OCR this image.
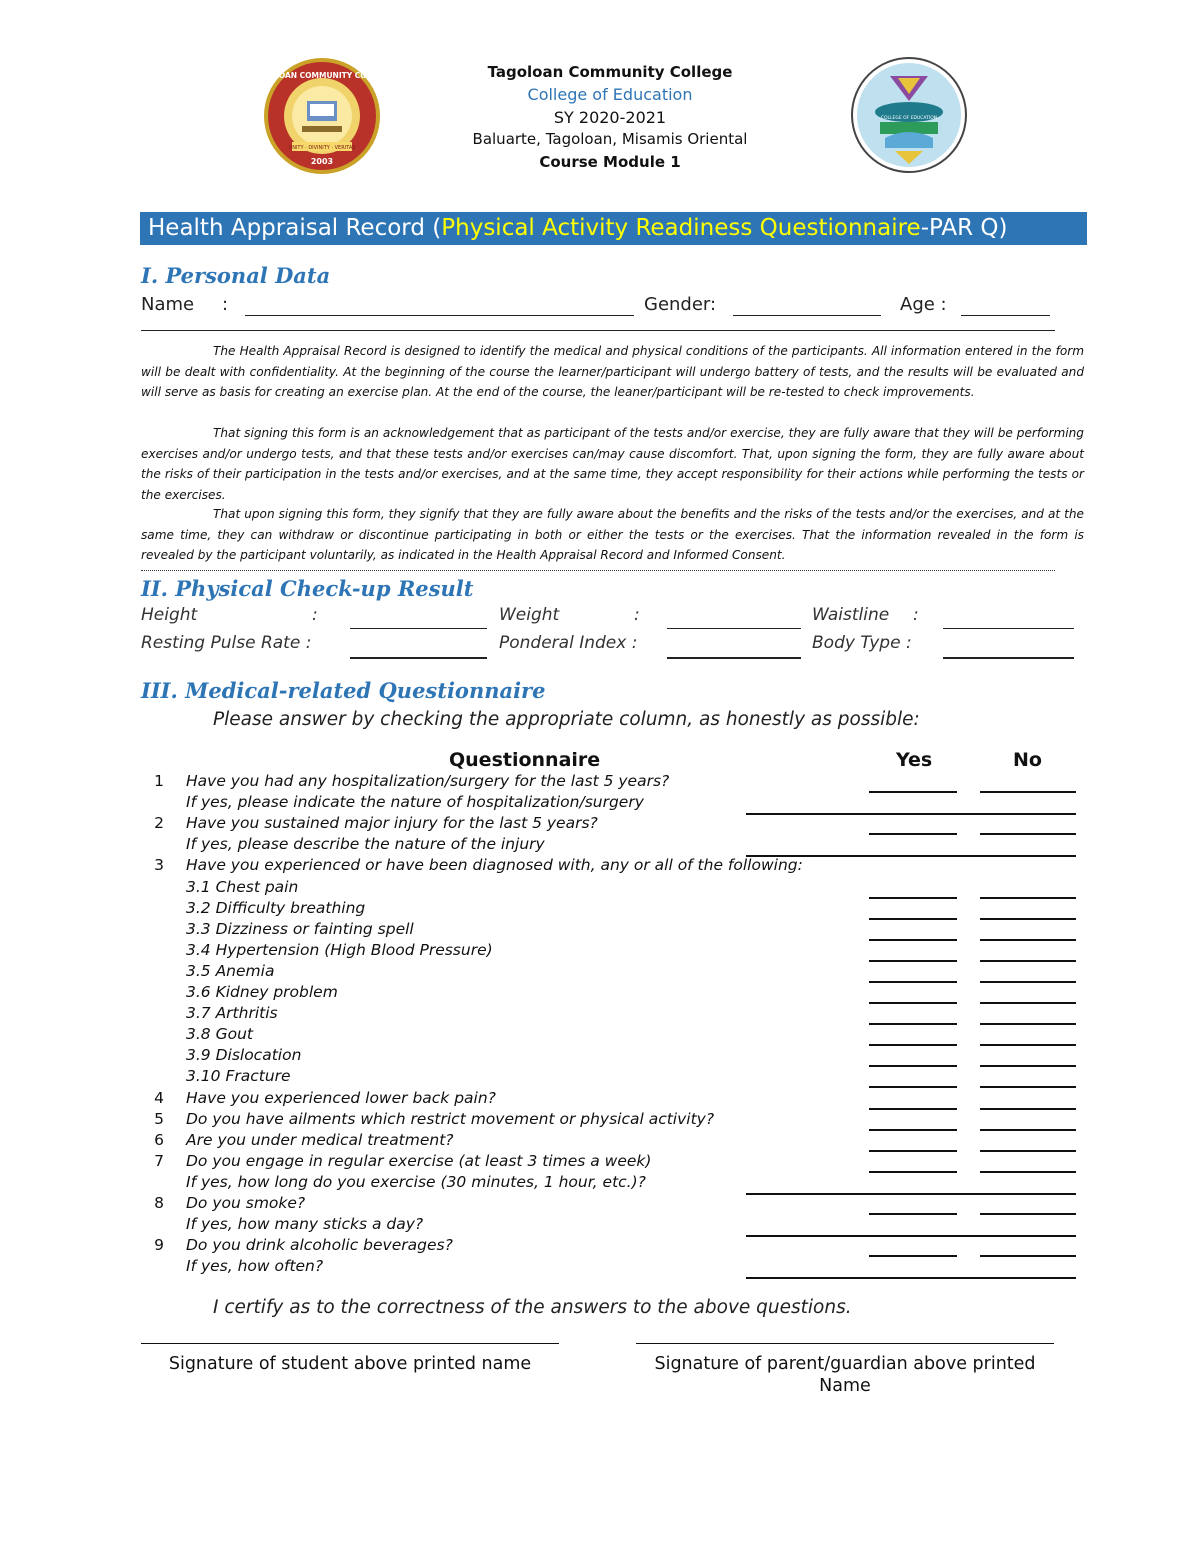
TAGOLOAN COMMUNITY COLLEGE
UNITY · DIVINITY · VERITAS
2003
COLLEGE OF EDUCATION
Tagoloan Community College
College of Education
SY 2020-2021
Baluarte, Tagoloan, Misamis Oriental
Course Module 1
Health Appraisal Record (Physical Activity Readiness Questionnaire-PAR Q)
I. Personal Data
Name :	Gender:	Age :
The Health Appraisal Record is designed to identify the medical and physical conditions of the participants. All information entered in the form will be dealt with confidentiality. At the beginning of the course the learner/participant will undergo battery of tests, and the results will be evaluated and will serve as basis for creating an exercise plan. At the end of the course, the leaner/participant will be re-tested to check improvements.
That signing this form is an acknowledgement that as participant of the tests and/or exercise, they are fully aware that they will be performing exercises and/or undergo tests, and that these tests and/or exercises can/may cause discomfort. That, upon signing the form, they are fully aware about the risks of their participation in the tests and/or exercises, and at the same time, they accept responsibility for their actions while performing the tests or the exercises.
That upon signing this form, they signify that they are fully aware about the benefits and the risks of the tests and/or the exercises, and at the same time, they can withdraw or discontinue participating in both or either the tests or the exercises. That the information revealed in the form is revealed by the participant voluntarily, as indicated in the Health Appraisal Record and Informed Consent.
II. Physical Check-up Result
Height	:	Weight	:	Waistline :
Resting Pulse Rate :	Ponderal Index :	Body Type :
III. Medical-related Questionnaire
Please answer by checking the appropriate column, as honestly as possible:
Questionnaire	Yes	No
1 Have you had any hospitalization/surgery for the last 5 years?
If yes, please indicate the nature of hospitalization/surgery
2 Have you sustained major injury for the last 5 years?
If yes, please describe the nature of the injury
3 Have you experienced or have been diagnosed with, any or all of the following:
3.1 Chest pain
3.2 Difficulty breathing
3.3 Dizziness or fainting spell
3.4 Hypertension (High Blood Pressure)
3.5 Anemia
3.6 Kidney problem
3.7 Arthritis
3.8 Gout
3.9 Dislocation
3.10 Fracture
4 Have you experienced lower back pain?
5 Do you have ailments which restrict movement or physical activity?
6 Are you under medical treatment?
7 Do you engage in regular exercise (at least 3 times a week)
If yes, how long do you exercise (30 minutes, 1 hour, etc.)?
8 Do you smoke?
If yes, how many sticks a day?
9 Do you drink alcoholic beverages?
If yes, how often?
I certify as to the correctness of the answers to the above questions.
Signature of student above printed name	Signature of parent/guardian above printed Name
